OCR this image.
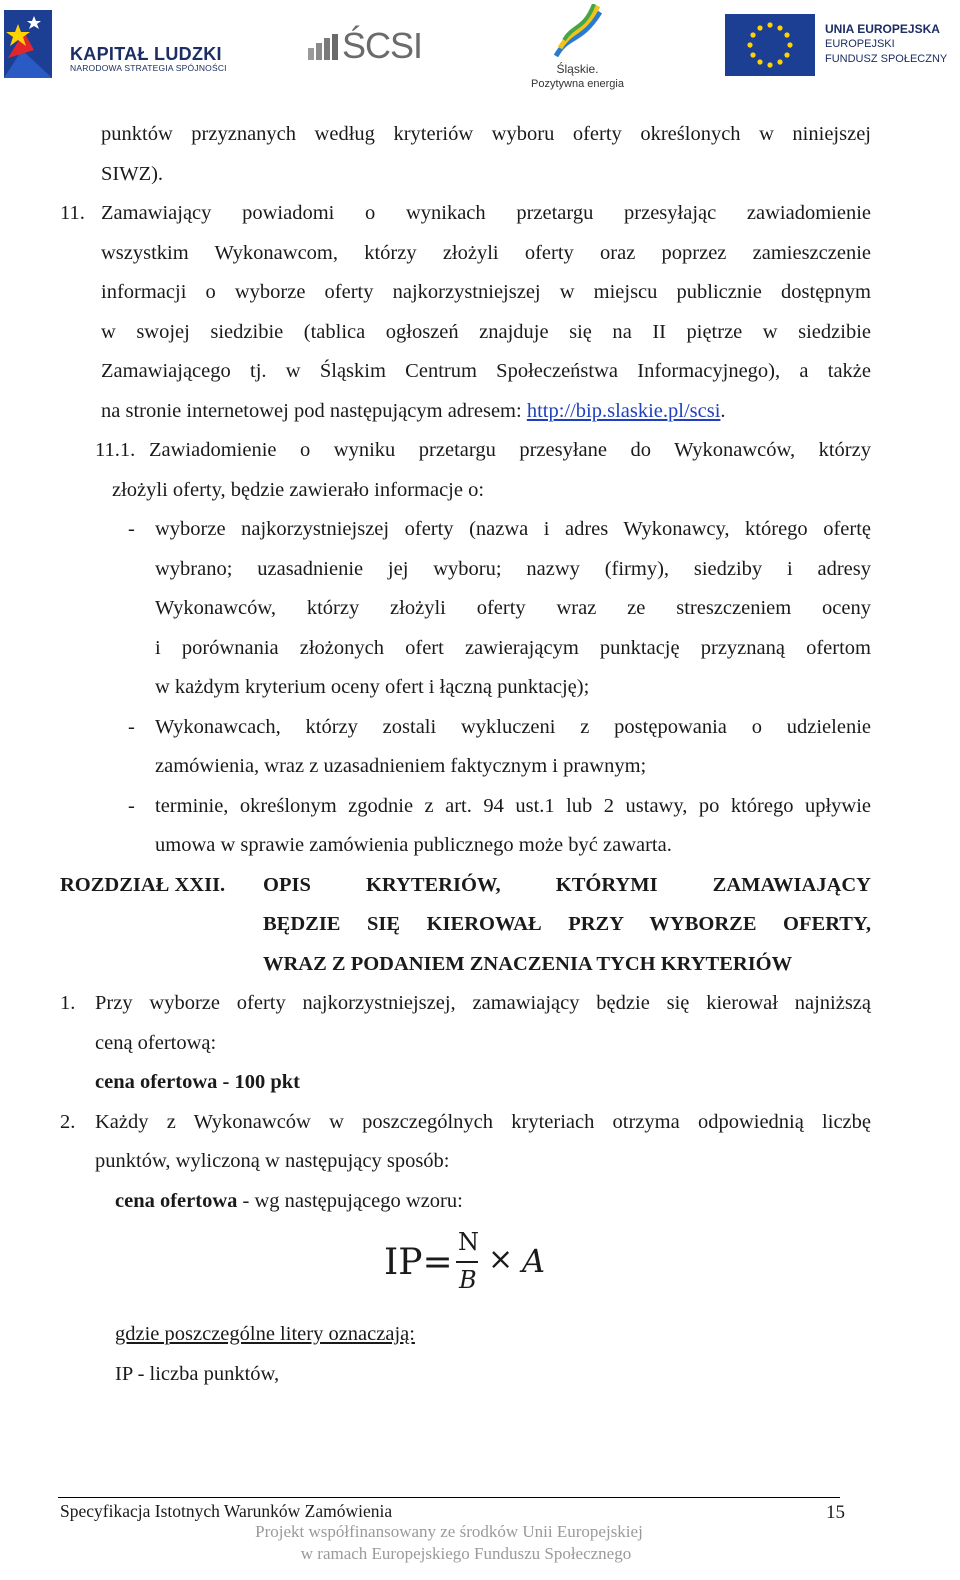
KAPITAŁ LUDZKI
NARODOWA STRATEGIA SPÓJNOŚCI
ŚCSI
Śląskie.
Pozytywna energia
UNIA EUROPEJSKA
EUROPEJSKI
FUNDUSZ SPOŁECZNY
punktów przyznanych według kryteriów wyboru oferty określonych w niniejszej
SIWZ).
11. Zamawiający powiadomi o wynikach przetargu przesyłając zawiadomienie
wszystkim Wykonawcom, którzy złożyli oferty oraz poprzez zamieszczenie
informacji o wyborze oferty najkorzystniejszej w miejscu publicznie dostępnym
w swojej siedzibie (tablica ogłoszeń znajduje się na II piętrze w siedzibie
Zamawiającego tj. w Śląskim Centrum Społeczeństwa Informacyjnego), a także
na stronie internetowej pod następującym adresem: http://bip.slaskie.pl/scsi.
11.1. Zawiadomienie o wyniku przetargu przesyłane do Wykonawców, którzy
złożyli oferty, będzie zawierało informacje o:
- wyborze najkorzystniejszej oferty (nazwa i adres Wykonawcy, którego ofertę
wybrano; uzasadnienie jej wyboru; nazwy (firmy), siedziby i adresy
Wykonawców, którzy złożyli oferty wraz ze streszczeniem oceny
i porównania złożonych ofert zawierającym punktację przyznaną ofertom
w każdym kryterium oceny ofert i łączną punktację);
- Wykonawcach, którzy zostali wykluczeni z postępowania o udzielenie
zamówienia, wraz z uzasadnieniem faktycznym i prawnym;
- terminie, określonym zgodnie z art. 94 ust.1 lub 2 ustawy, po którego upływie
umowa w sprawie zamówienia publicznego może być zawarta.
ROZDZIAŁ XXII. OPIS KRYTERIÓW, KTÓRYMI ZAMAWIAJĄCY
BĘDZIE SIĘ KIEROWAŁ PRZY WYBORZE OFERTY,
WRAZ Z PODANIEM ZNACZENIA TYCH KRYTERIÓW
1. Przy wyborze oferty najkorzystniejszej, zamawiający będzie się kierował najniższą
ceną ofertową:
cena ofertowa - 100 pkt
2. Każdy z Wykonawców w poszczególnych kryteriach otrzyma odpowiednią liczbę
punktów, wyliczoną w następujący sposób:
cena ofertowa - wg następującego wzoru:
IP= N
B
× A
gdzie poszczególne litery oznaczają:
IP - liczba punktów,
Specyfikacja Istotnych Warunków Zamówienia	15
Projekt współfinansowany ze środków Unii Europejskiej
w ramach Europejskiego Funduszu Społecznego
